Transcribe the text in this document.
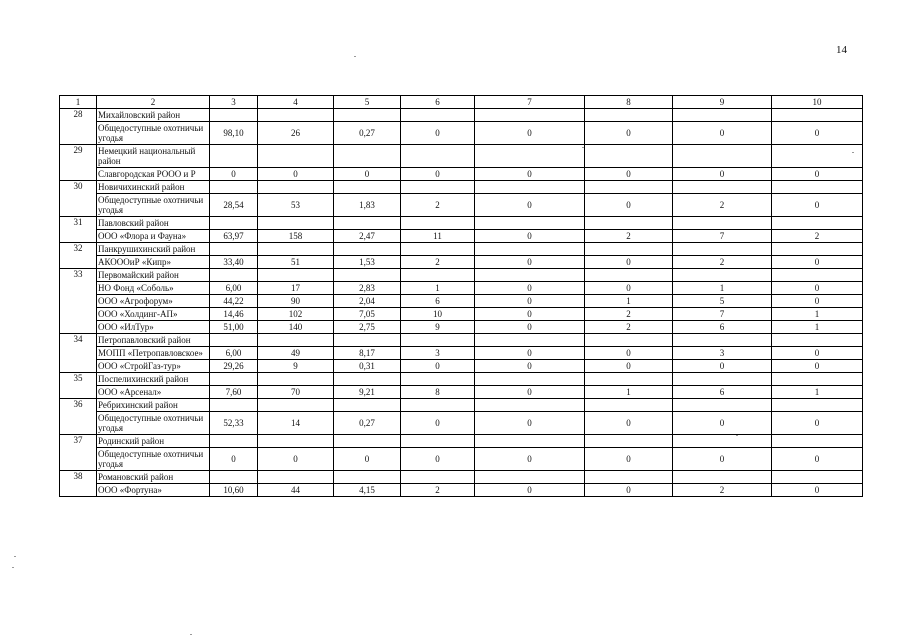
14
1	2	3	4	5	6	7	8	9	10
28	Михайловский район								
	Общедоступные охотничьи угодья	98,10	26	0,27	0	0	0	0	0
29	Немецкий национальный район								
	Славгородская РООО и Р	0	0	0	0	0	0	0	0
30	Новичихинский район								
	Общедоступные охотничьи угодья	28,54	53	1,83	2	0	0	2	0
31	Павловский район								
	ООО «Флора и Фауна»	63,97	158	2,47	11	0	2	7	2
32	Панкрушихинский район								
	АКОООиР «Кипр»	33,40	51	1,53	2	0	0	2	0
33	Первомайский район								
	НО Фонд «Соболь»	6,00	17	2,83	1	0	0	1	0
	ООО «Агрофорум»	44,22	90	2,04	6	0	1	5	0
	ООО «Холдинг-АП»	14,46	102	7,05	10	0	2	7	1
	ООО «ИлТур»	51,00	140	2,75	9	0	2	6	1
34	Петропавловский район								
	МОПП «Петропавловское»	6,00	49	8,17	3	0	0	3	0
	ООО «СтройГаз-тур»	29,26	9	0,31	0	0	0	0	0
35	Поспелихинский район								
	ООО «Арсенал»	7,60	70	9,21	8	0	1	6	1
36	Ребрихинский район								
	Общедоступные охотничьи угодья	52,33	14	0,27	0	0	0	0	0
37	Родинский район								
	Общедоступные охотничьи угодья	0	0	0	0	0	0	0	0
38	Романовский район								
	ООО «Фортуна»	10,60	44	4,15	2	0	0	2	0
